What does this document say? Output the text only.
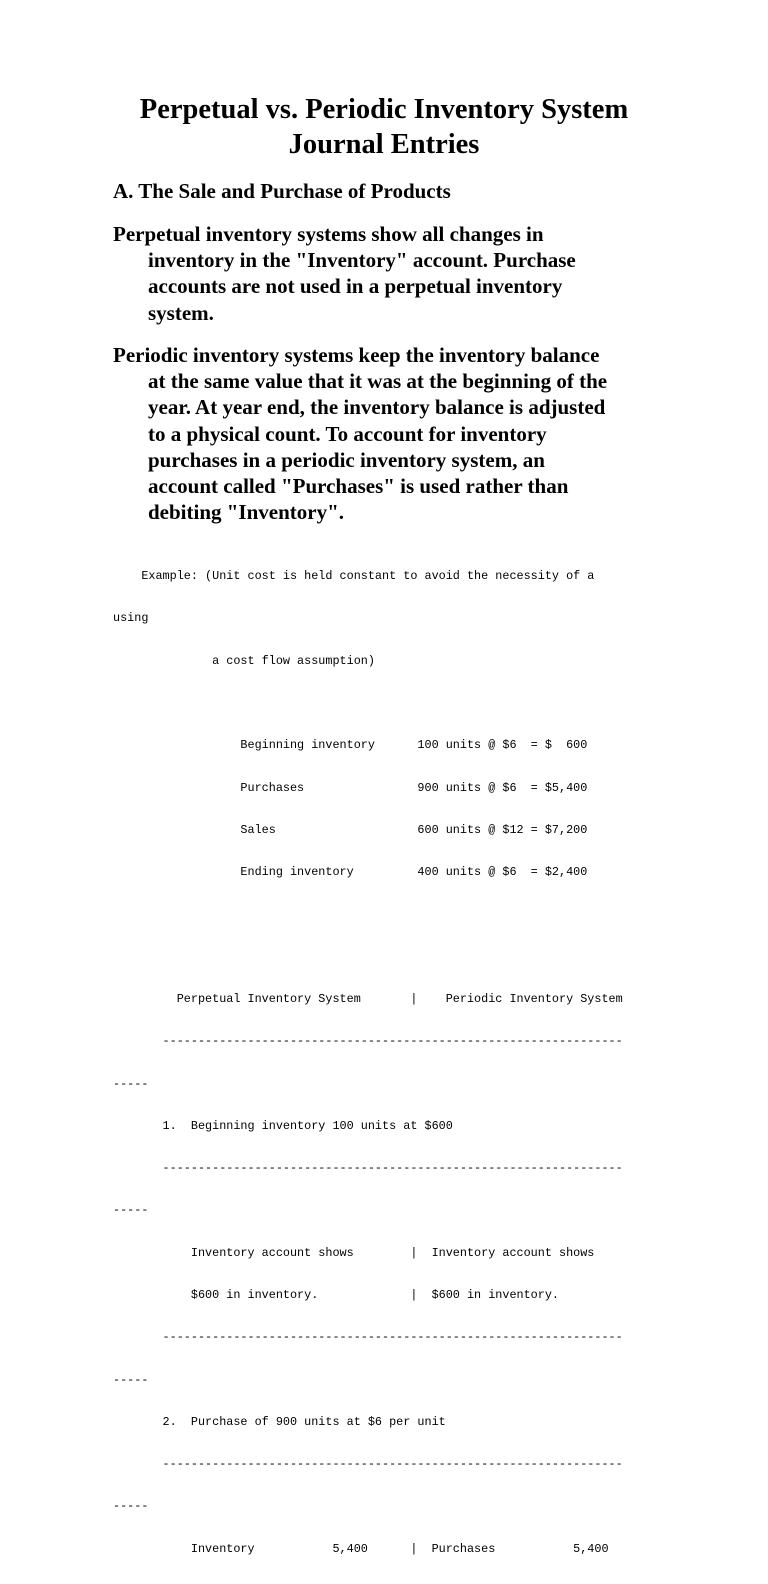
Perpetual vs. Periodic Inventory System
Journal Entries
A. The Sale and Purchase of Products

Perpetual inventory systems show all changes in
inventory in the "Inventory" account. Purchase
accounts are not used in a perpetual inventory
system.

Periodic inventory systems keep the inventory balance
at the same value that it was at the beginning of the
year. At year end, the inventory balance is adjusted
to a physical count. To account for inventory
purchases in a periodic inventory system, an
account called "Purchases" is used rather than
debiting "Inventory".

Example: (Unit cost is held constant to avoid the necessity of a

using

a cost flow assumption)

Beginning inventory      100 units @ $6  = $  600

Purchases                900 units @ $6  = $5,400

Sales                    600 units @ $12 = $7,200

Ending inventory         400 units @ $6  = $2,400

Perpetual Inventory System       |    Periodic Inventory System

-----------------------------------------------------------------

-----

1.  Beginning inventory 100 units at $600

-----------------------------------------------------------------

-----

Inventory account shows        |  Inventory account shows

$600 in inventory.             |  $600 in inventory.

-----------------------------------------------------------------

-----

2.  Purchase of 900 units at $6 per unit

-----------------------------------------------------------------

-----

Inventory           5,400      |  Purchases           5,400
